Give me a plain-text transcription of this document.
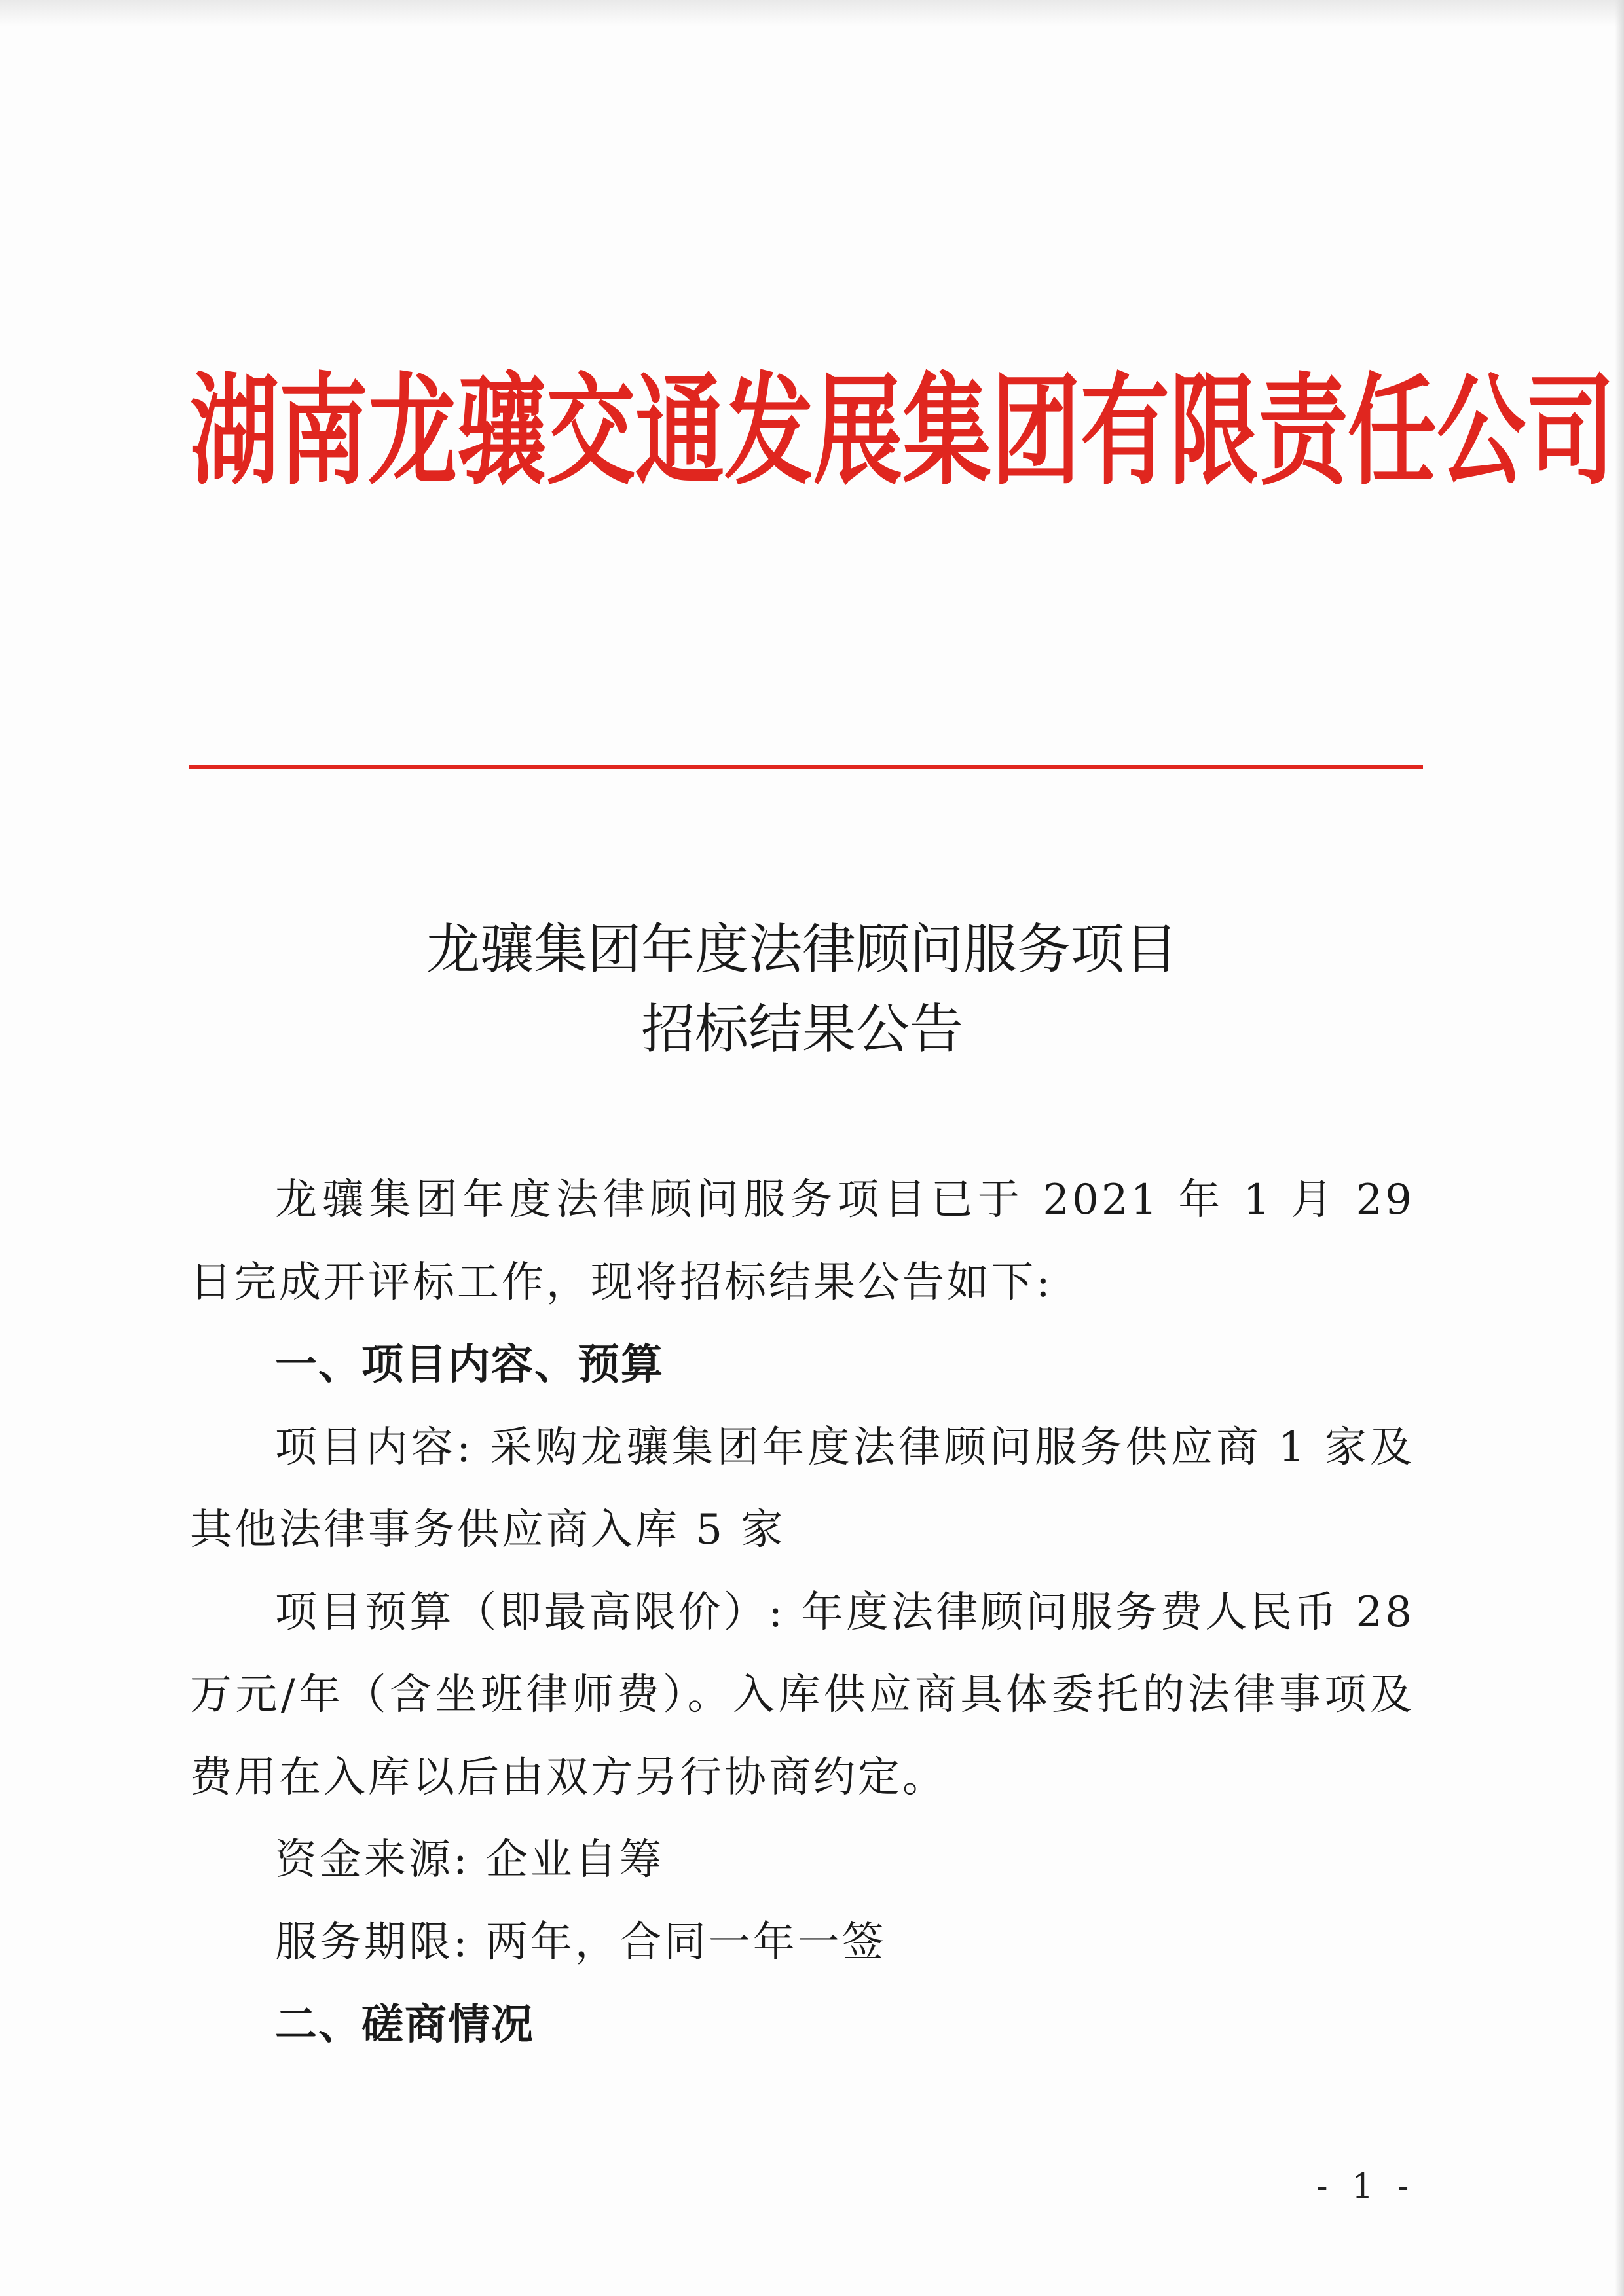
湖南龙骧交通发展集团有限责任公司
龙骧集团年度法律顾问服务项目
招标结果公告

龙骧集团年度法律顾问服务项目已于 2021 年 1 月 29 日完成开评标工作，现将招标结果公告如下:

一、项目内容、预算

项目内容: 采购龙骧集团年度法律顾问服务供应商 1 家及其他法律事务供应商入库 5 家

项目预算（即最高限价）: 年度法律顾问服务费人民币 28 万元/年（含坐班律师费）。入库供应商具体委托的法律事项及费用在入库以后由双方另行协商约定。

资金来源: 企业自筹

服务期限: 两年，合同一年一签

二、磋商情况

- 1 -
